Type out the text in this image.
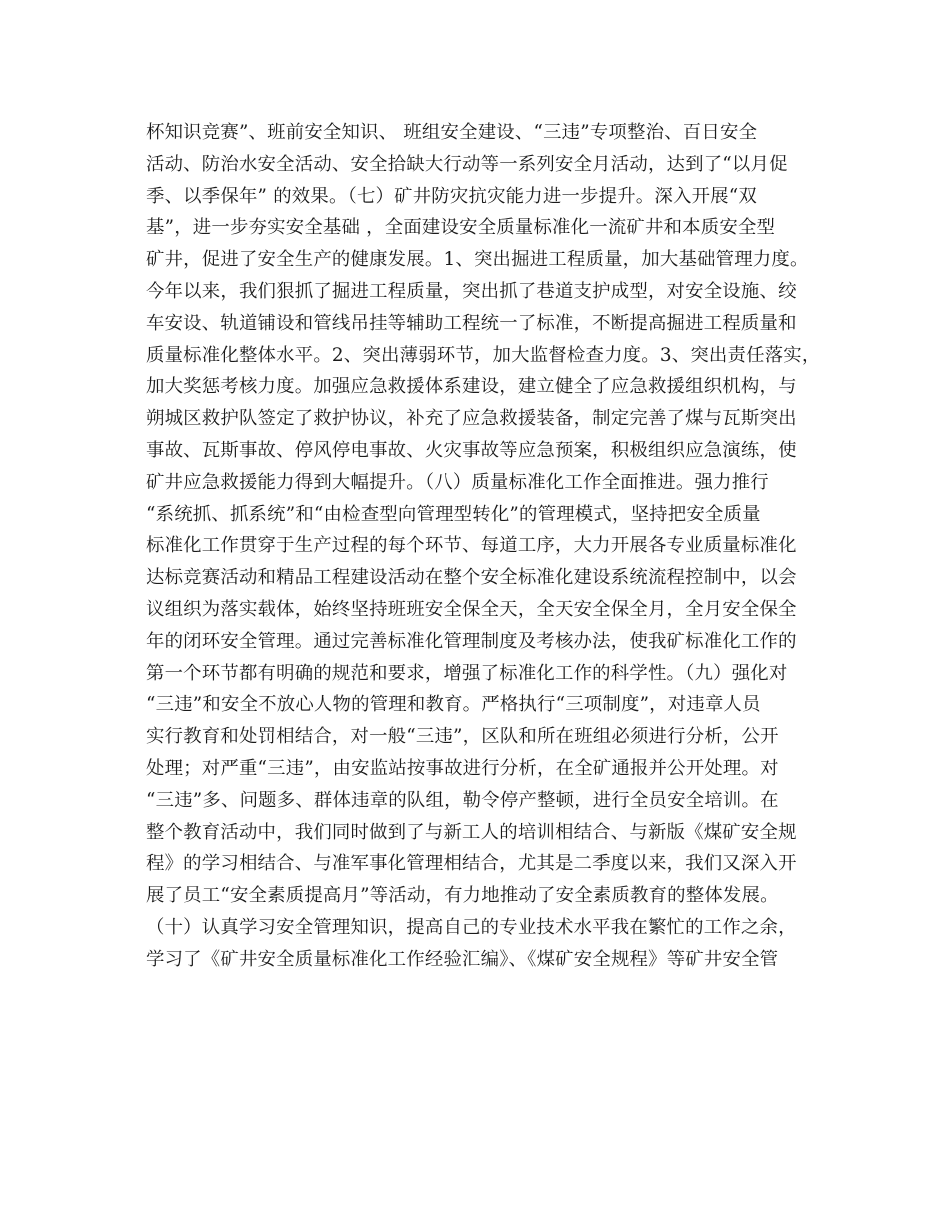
杯知识竞赛”、班前安全知识、 班组安全建设、“三违”专项整治、百日安全
活动、防治水安全活动、安全拾缺大行动等一系列安全月活动，达到了“以月促
季、以季保年” 的效果。（七）矿井防灾抗灾能力进一步提升。深入开展“双
基”，进一步夯实安全基础 ，全面建设安全质量标准化一流矿井和本质安全型
矿井，促进了安全生产的健康发展。1、突出掘进工程质量，加大基础管理力度。
今年以来，我们狠抓了掘进工程质量，突出抓了巷道支护成型，对安全设施、绞
车安设、轨道铺设和管线吊挂等辅助工程统一了标准，不断提高掘进工程质量和
质量标准化整体水平。2、突出薄弱环节，加大监督检查力度。3、突出责任落实，
加大奖惩考核力度。加强应急救援体系建设，建立健全了应急救援组织机构，与
朔城区救护队签定了救护协议，补充了应急救援装备，制定完善了煤与瓦斯突出
事故、瓦斯事故、停风停电事故、火灾事故等应急预案，积极组织应急演练，使
矿井应急救援能力得到大幅提升。（八）质量标准化工作全面推进。强力推行
“系统抓、抓系统”和“由检查型向管理型转化”的管理模式，坚持把安全质量
标准化工作贯穿于生产过程的每个环节、每道工序，大力开展各专业质量标准化
达标竞赛活动和精品工程建设活动在整个安全标准化建设系统流程控制中，以会
议组织为落实载体，始终坚持班班安全保全天，全天安全保全月，全月安全保全
年的闭环安全管理。通过完善标准化管理制度及考核办法，使我矿标准化工作的
第一个环节都有明确的规范和要求，增强了标准化工作的科学性。（九）强化对
“三违”和安全不放心人物的管理和教育。严格执行“三项制度”，对违章人员
实行教育和处罚相结合，对一般“三违”，区队和所在班组必须进行分析，公开
处理；对严重“三违”，由安监站按事故进行分析，在全矿通报并公开处理。对
“三违”多、问题多、群体违章的队组，勒令停产整顿，进行全员安全培训。在
整个教育活动中，我们同时做到了与新工人的培训相结合、与新版《煤矿安全规
程》的学习相结合、与准军事化管理相结合，尤其是二季度以来，我们又深入开
展了员工“安全素质提高月”等活动，有力地推动了安全素质教育的整体发展。
（十）认真学习安全管理知识，提高自己的专业技术水平我在繁忙的工作之余，
学习了《矿井安全质量标准化工作经验汇编》、《煤矿安全规程》等矿井安全管
